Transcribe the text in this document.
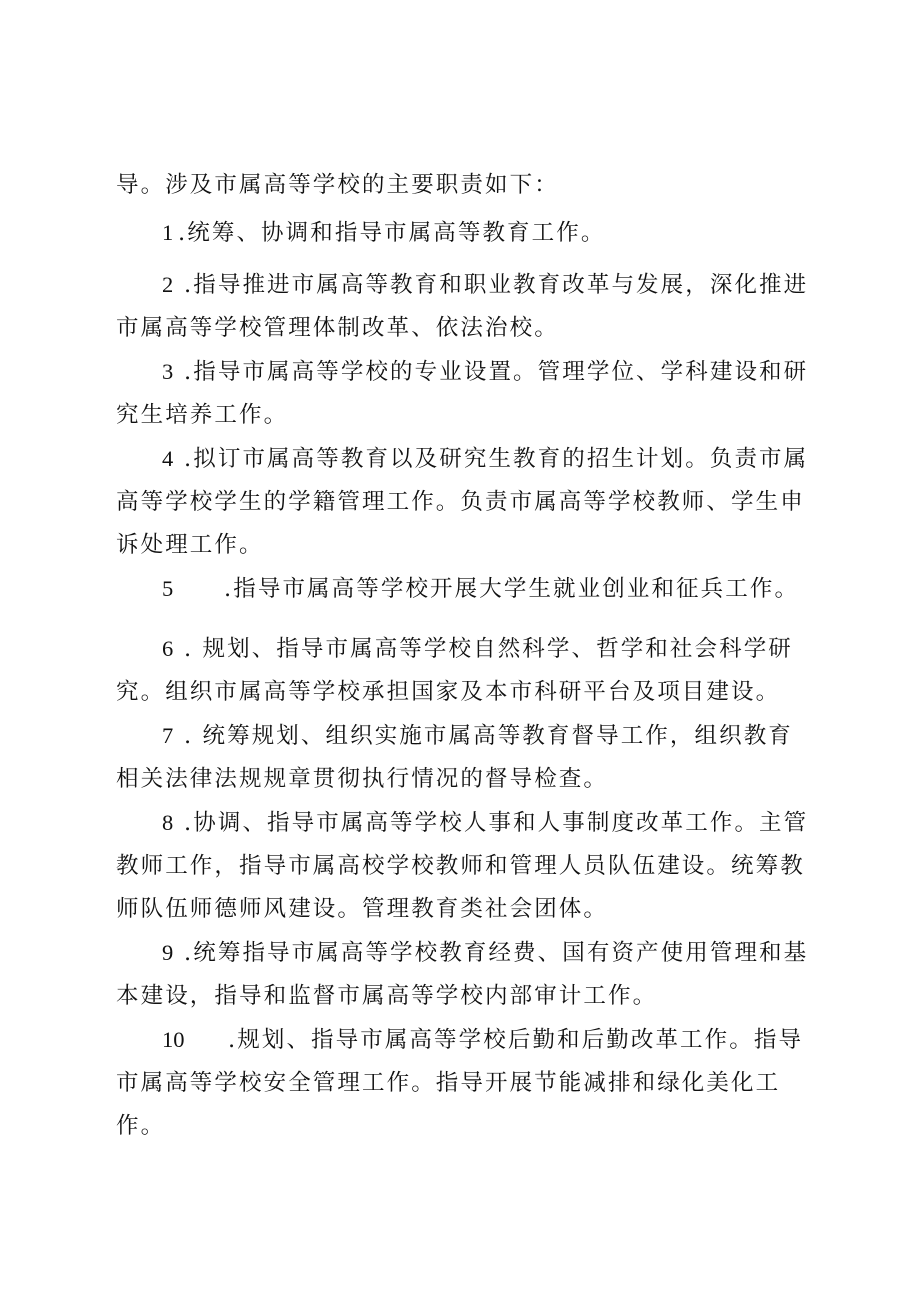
导。涉及市属高等学校的主要职责如下：

1 .统筹、协调和指导市属高等教育工作。

2 .指导推进市属高等教育和职业教育改革与发展，深化推进市属高等学校管理体制改革、依法治校。

3 .指导市属高等学校的专业设置。管理学位、学科建设和研究生培养工作。

4 .拟订市属高等教育以及研究生教育的招生计划。负责市属高等学校学生的学籍管理工作。负责市属高等学校教师、学生申诉处理工作。

5 .指导市属高等学校开展大学生就业创业和征兵工作。

6 . 规划、指导市属高等学校自然科学、哲学和社会科学研究。组织市属高等学校承担国家及本市科研平台及项目建设。

7 . 统筹规划、组织实施市属高等教育督导工作，组织教育相关法律法规规章贯彻执行情况的督导检查。

8 .协调、指导市属高等学校人事和人事制度改革工作。主管教师工作，指导市属高校学校教师和管理人员队伍建设。统筹教师队伍师德师风建设。管理教育类社会团体。

9 .统筹指导市属高等学校教育经费、国有资产使用管理和基本建设，指导和监督市属高等学校内部审计工作。

10 .规划、指导市属高等学校后勤和后勤改革工作。指导市属高等学校安全管理工作。指导开展节能减排和绿化美化工作。
